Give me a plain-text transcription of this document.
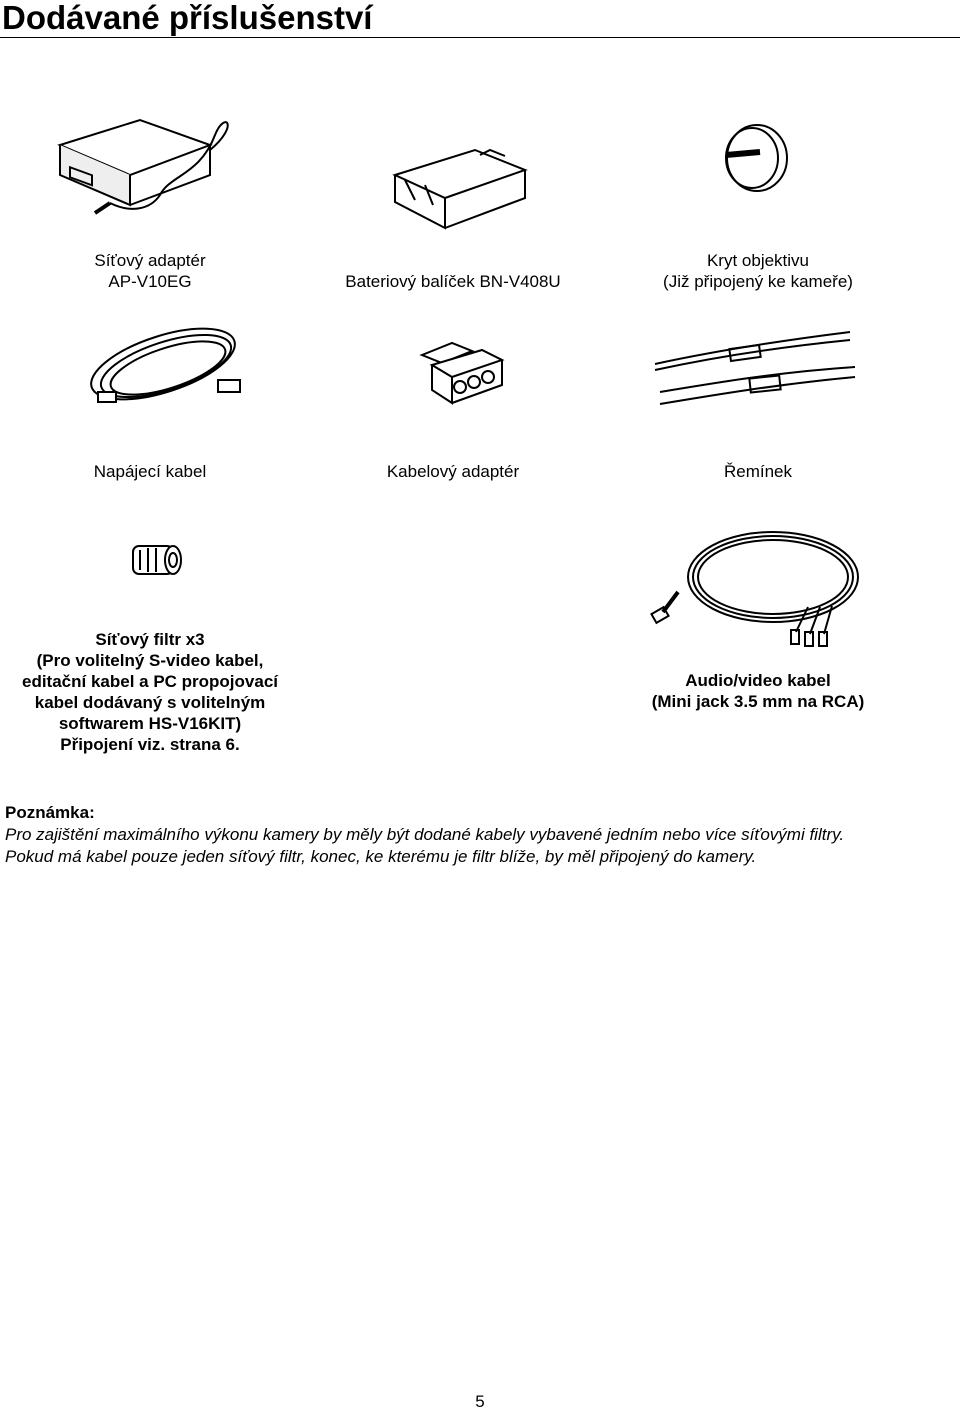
Dodávané příslušenství
Síťový adaptér
AP-V10EG	Bateriový balíček BN-V408U
Kryt objektivu
(Již připojený ke kameře)
Napájecí kabel	Kabelový adaptér	Řemínek
Síťový filtr x3
(Pro volitelný S-video kabel,
editační kabel a PC propojovací
kabel dodávaný s volitelným
softwarem HS-V16KIT)
Připojení viz. strana 6.
Audio/video kabel
(Mini jack 3.5 mm na RCA)
Poznámka:
Pro zajištění maximálního výkonu kamery by měly být dodané kabely vybavené jedním nebo více síťovými filtry.
Pokud má kabel pouze jeden síťový filtr, konec, ke kterému je filtr blíže, by měl připojený do kamery.
5
